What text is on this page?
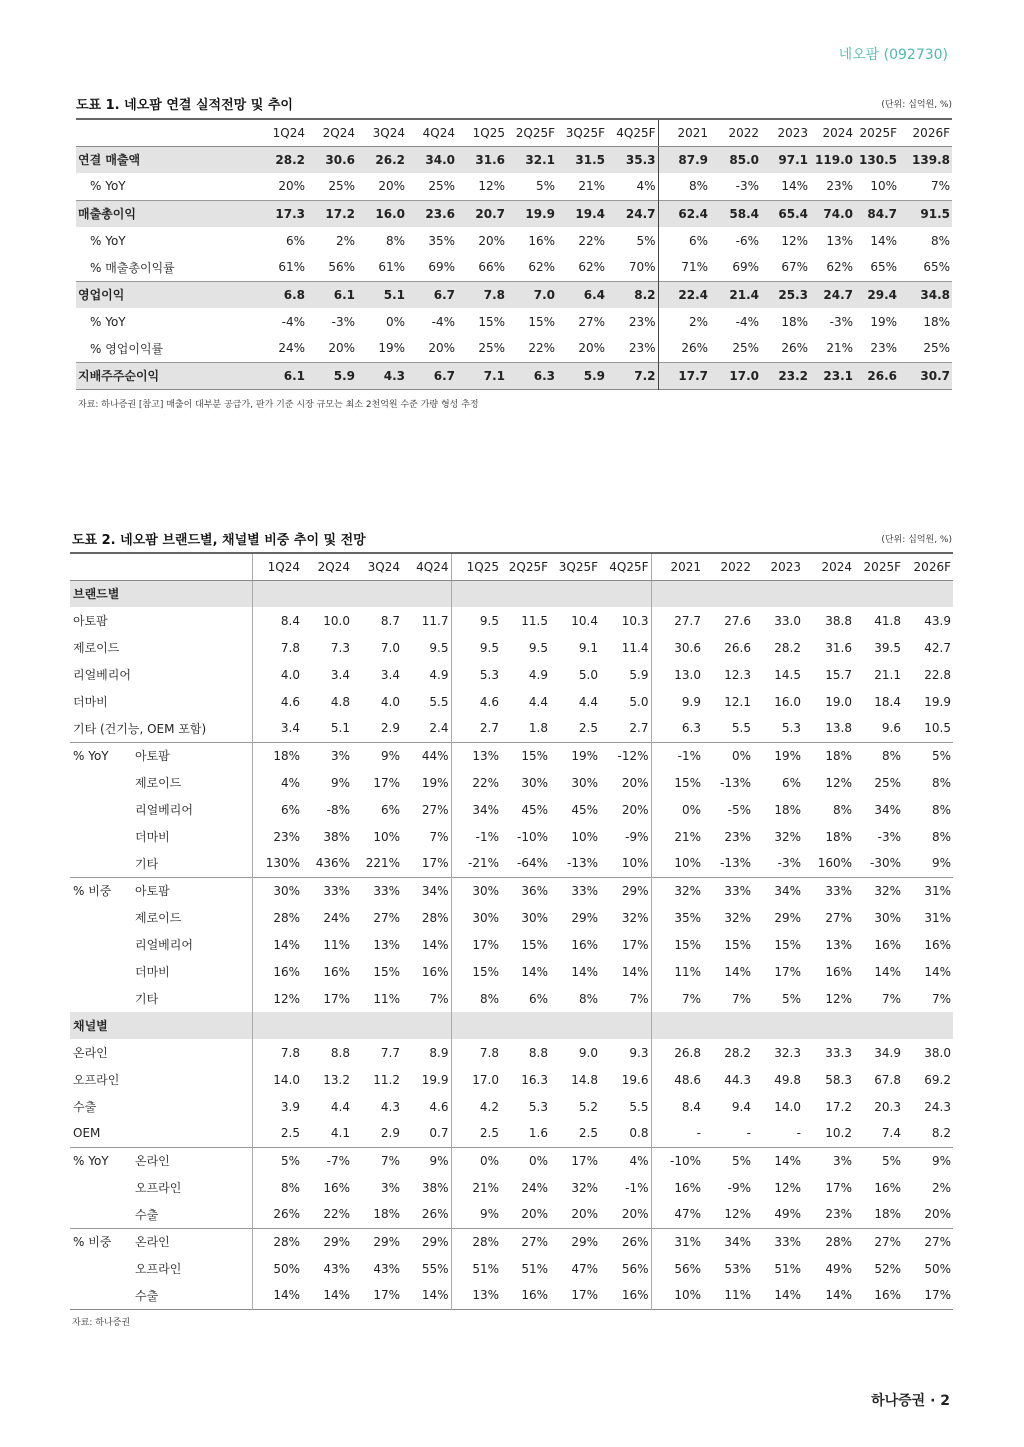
네오팜 (092730)
도표 1. 네오팜 연결 실적전망 및 추이	(단위: 십억원, %)
	1Q24	2Q24	3Q24	4Q24	1Q25	2Q25F	3Q25F	4Q25F	2021	2022	2023	2024	2025F	2026F
연결 매출액	28.2	30.6	26.2	34.0	31.6	32.1	31.5	35.3	87.9	85.0	97.1	119.0	130.5	139.8
% YoY	20%	25%	20%	25%	12%	5%	21%	4%	8%	-3%	14%	23%	10%	7%
매출총이익	17.3	17.2	16.0	23.6	20.7	19.9	19.4	24.7	62.4	58.4	65.4	74.0	84.7	91.5
% YoY	6%	2%	8%	35%	20%	16%	22%	5%	6%	-6%	12%	13%	14%	8%
% 매출총이익률	61%	56%	61%	69%	66%	62%	62%	70%	71%	69%	67%	62%	65%	65%
영업이익	6.8	6.1	5.1	6.7	7.8	7.0	6.4	8.2	22.4	21.4	25.3	24.7	29.4	34.8
% YoY	-4%	-3%	0%	-4%	15%	15%	27%	23%	2%	-4%	18%	-3%	19%	18%
% 영업이익률	24%	20%	19%	20%	25%	22%	20%	23%	26%	25%	26%	21%	23%	25%
지배주주순이익	6.1	5.9	4.3	6.7	7.1	6.3	5.9	7.2	17.7	17.0	23.2	23.1	26.6	30.7
자료: 하나증권 [참고] 매출이 대부분 공급가, 판가 기준 시장 규모는 최소 2천억원 수준 가량 형성 추정
도표 2. 네오팜 브랜드별, 채널별 비중 추이 및 전망	(단위: 십억원, %)
		1Q24	2Q24	3Q24	4Q24	1Q25	2Q25F	3Q25F	4Q25F	2021	2022	2023	2024	2025F	2026F
브랜드별															
아토팜		8.4	10.0	8.7	11.7	9.5	11.5	10.4	10.3	27.7	27.6	33.0	38.8	41.8	43.9
제로이드		7.8	7.3	7.0	9.5	9.5	9.5	9.1	11.4	30.6	26.6	28.2	31.6	39.5	42.7
리얼베리어		4.0	3.4	3.4	4.9	5.3	4.9	5.0	5.9	13.0	12.3	14.5	15.7	21.1	22.8
더마비		4.6	4.8	4.0	5.5	4.6	4.4	4.4	5.0	9.9	12.1	16.0	19.0	18.4	19.9
기타 (건기능, OEM 포함)		3.4	5.1	2.9	2.4	2.7	1.8	2.5	2.7	6.3	5.5	5.3	13.8	9.6	10.5
% YoY	아토팜	18%	3%	9%	44%	13%	15%	19%	-12%	-1%	0%	19%	18%	8%	5%
	제로이드	4%	9%	17%	19%	22%	30%	30%	20%	15%	-13%	6%	12%	25%	8%
	리얼베리어	6%	-8%	6%	27%	34%	45%	45%	20%	0%	-5%	18%	8%	34%	8%
	더마비	23%	38%	10%	7%	-1%	-10%	10%	-9%	21%	23%	32%	18%	-3%	8%
	기타	130%	436%	221%	17%	-21%	-64%	-13%	10%	10%	-13%	-3%	160%	-30%	9%
% 비중	아토팜	30%	33%	33%	34%	30%	36%	33%	29%	32%	33%	34%	33%	32%	31%
	제로이드	28%	24%	27%	28%	30%	30%	29%	32%	35%	32%	29%	27%	30%	31%
	리얼베리어	14%	11%	13%	14%	17%	15%	16%	17%	15%	15%	15%	13%	16%	16%
	더마비	16%	16%	15%	16%	15%	14%	14%	14%	11%	14%	17%	16%	14%	14%
	기타	12%	17%	11%	7%	8%	6%	8%	7%	7%	7%	5%	12%	7%	7%
채널별															
온라인		7.8	8.8	7.7	8.9	7.8	8.8	9.0	9.3	26.8	28.2	32.3	33.3	34.9	38.0
오프라인		14.0	13.2	11.2	19.9	17.0	16.3	14.8	19.6	48.6	44.3	49.8	58.3	67.8	69.2
수출		3.9	4.4	4.3	4.6	4.2	5.3	5.2	5.5	8.4	9.4	14.0	17.2	20.3	24.3
OEM		2.5	4.1	2.9	0.7	2.5	1.6	2.5	0.8	-	-	-	10.2	7.4	8.2
% YoY	온라인	5%	-7%	7%	9%	0%	0%	17%	4%	-10%	5%	14%	3%	5%	9%
	오프라인	8%	16%	3%	38%	21%	24%	32%	-1%	16%	-9%	12%	17%	16%	2%
	수출	26%	22%	18%	26%	9%	20%	20%	20%	47%	12%	49%	23%	18%	20%
% 비중	온라인	28%	29%	29%	29%	28%	27%	29%	26%	31%	34%	33%	28%	27%	27%
	오프라인	50%	43%	43%	55%	51%	51%	47%	56%	56%	53%	51%	49%	52%	50%
	수출	14%	14%	17%	14%	13%	16%	17%	16%	10%	11%	14%	14%	16%	17%
자료: 하나증권
하나증권 · 2
